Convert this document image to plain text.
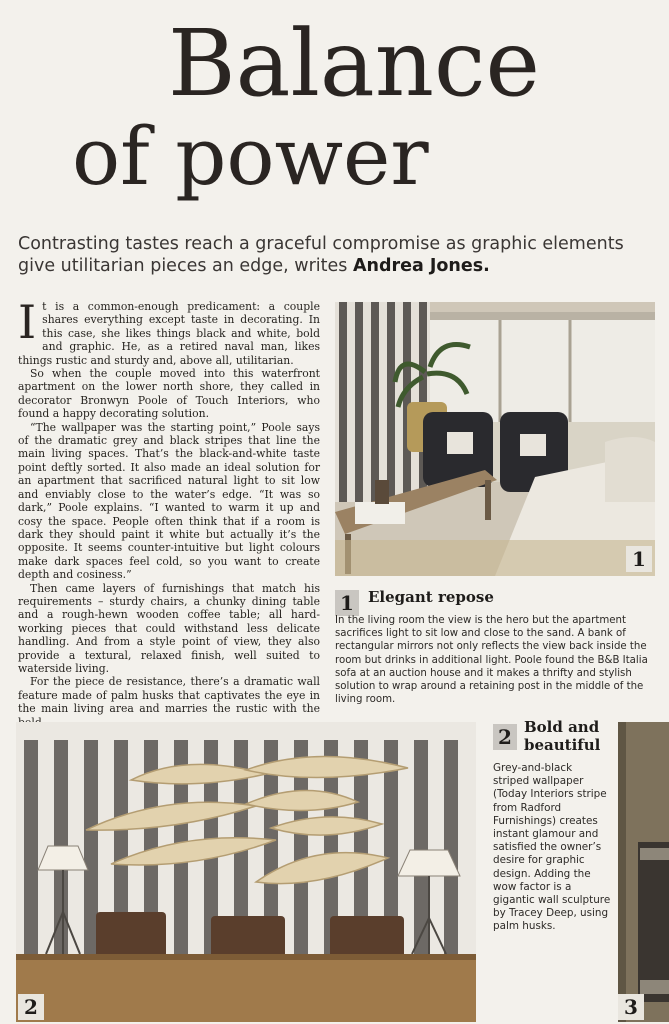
Balance
of power
Contrasting tastes reach a graceful compromise as graphic elements give utilitarian pieces an edge, writes Andrea Jones.

It is a common-enough predicament: a couple shares everything except taste in decorating. In this case, she likes things black and white, bold and graphic. He, as a retired naval man, likes things rustic and sturdy and, above all, utilitarian.

So when the couple moved into this waterfront apartment on the lower north shore, they called in decorator Bronwyn Poole of Touch Interiors, who found a happy decorating solution.

“The wallpaper was the starting point,” Poole says of the dramatic grey and black stripes that line the main living spaces. That’s the black-and-white taste point deftly sorted. It also made an ideal solution for an apartment that sacrificed natural light to sit low and enviably close to the water’s edge. “It was so dark,” Poole explains. “I wanted to warm it up and cosy the space. People often think that if a room is dark they should paint it white but actually it’s the opposite. It seems counter-intuitive but light colours make dark spaces feel cold, so you want to create depth and cosiness.”

Then came layers of furnishings that match his requirements – sturdy chairs, a chunky dining table and a rough-hewn wooden coffee table; all hard-working pieces that could withstand less delicate handling. And from a style point of view, they also provide a textural, relaxed finish, well suited to waterside living.

For the piece de resistance, there’s a dramatic wall feature made of palm husks that captivates the eye in the main living area and marries the rustic with the

1
1 Elegant repose
In the living room the view is the hero but the apartment sacrifices light to sit low and close to the sand. A bank of rectangular mirrors not only reflects the view back inside the room but drinks in additional light. Poole found the B&B Italia sofa at an auction house and it makes a thrifty and stylish solution to wrap around a retaining post in the middle of the living room.
2
2 Bold and beautiful
Grey-and-black striped wallpaper (Today Interiors stripe from Radford Furnishings) creates instant glamour and satisfied the owner’s desire for graphic design. Adding the wow factor is a gigantic wall sculpture by Tracey Deep, using palm husks.
3
